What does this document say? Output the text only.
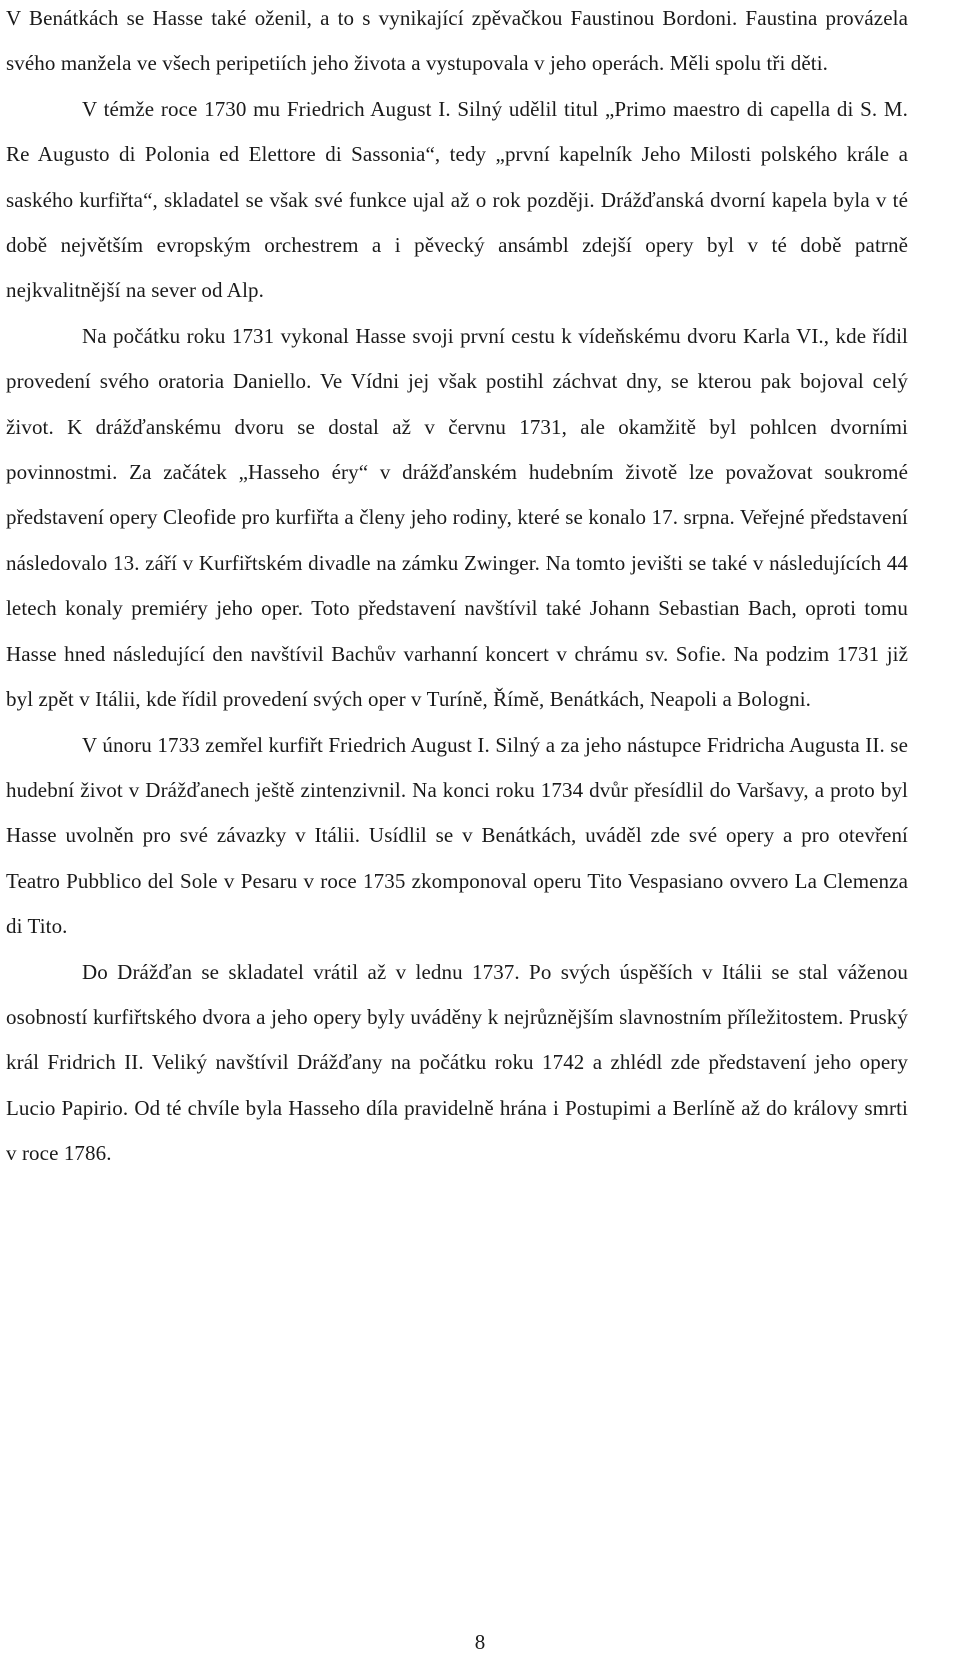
V Benátkách se Hasse také oženil, a to s vynikající zpěvačkou Faustinou Bordoni. Faustina provázela svého manžela ve všech peripetiích jeho života a vystupovala v jeho operách. Měli spolu tři děti.

V témže roce 1730 mu Friedrich August I. Silný udělil titul „Primo maestro di capella di S. M. Re Augusto di Polonia ed Elettore di Sassonia“, tedy „první kapelník Jeho Milosti polského krále a saského kurfiřta“, skladatel se však své funkce ujal až o rok později. Drážďanská dvorní kapela byla v té době největším evropským orchestrem a i pěvecký ansámbl zdejší opery byl v té době patrně nejkvalitnější na sever od Alp.

Na počátku roku 1731 vykonal Hasse svoji první cestu k vídeňskému dvoru Karla VI., kde řídil provedení svého oratoria Daniello. Ve Vídni jej však postihl záchvat dny, se kterou pak bojoval celý život. K drážďanskému dvoru se dostal až v červnu 1731, ale okamžitě byl pohlcen dvorními povinnostmi. Za začátek „Hasseho éry“ v drážďanském hudebním životě lze považovat soukromé představení opery Cleofide pro kurfiřta a členy jeho rodiny, které se konalo 17. srpna. Veřejné představení následovalo 13. září v Kurfiřtském divadle na zámku Zwinger. Na tomto jevišti se také v následujících 44 letech konaly premiéry jeho oper. Toto představení navštívil také Johann Sebastian Bach, oproti tomu Hasse hned následující den navštívil Bachův varhanní koncert v chrámu sv. Sofie. Na podzim 1731 již byl zpět v Itálii, kde řídil provedení svých oper v Turíně, Římě, Benátkách, Neapoli a Bologni.

V únoru 1733 zemřel kurfiřt Friedrich August I. Silný a za jeho nástupce Fridricha Augusta II. se hudební život v Drážďanech ještě zintenzivnil. Na konci roku 1734 dvůr přesídlil do Varšavy, a proto byl Hasse uvolněn pro své závazky v Itálii. Usídlil se v Benátkách, uváděl zde své opery a pro otevření Teatro Pubblico del Sole v Pesaru v roce 1735 zkomponoval operu Tito Vespasiano ovvero La Clemenza di Tito.

Do Drážďan se skladatel vrátil až v lednu 1737. Po svých úspěších v Itálii se stal váženou osobností kurfiřtského dvora a jeho opery byly uváděny k nejrůznějším slavnostním příležitostem. Pruský král Fridrich II. Veliký navštívil Drážďany na počátku roku 1742 a zhlédl zde představení jeho opery Lucio Papirio. Od té chvíle byla Hasseho díla pravidelně hrána i Postupimi a Berlíně až do královy smrti v roce 1786.

8
